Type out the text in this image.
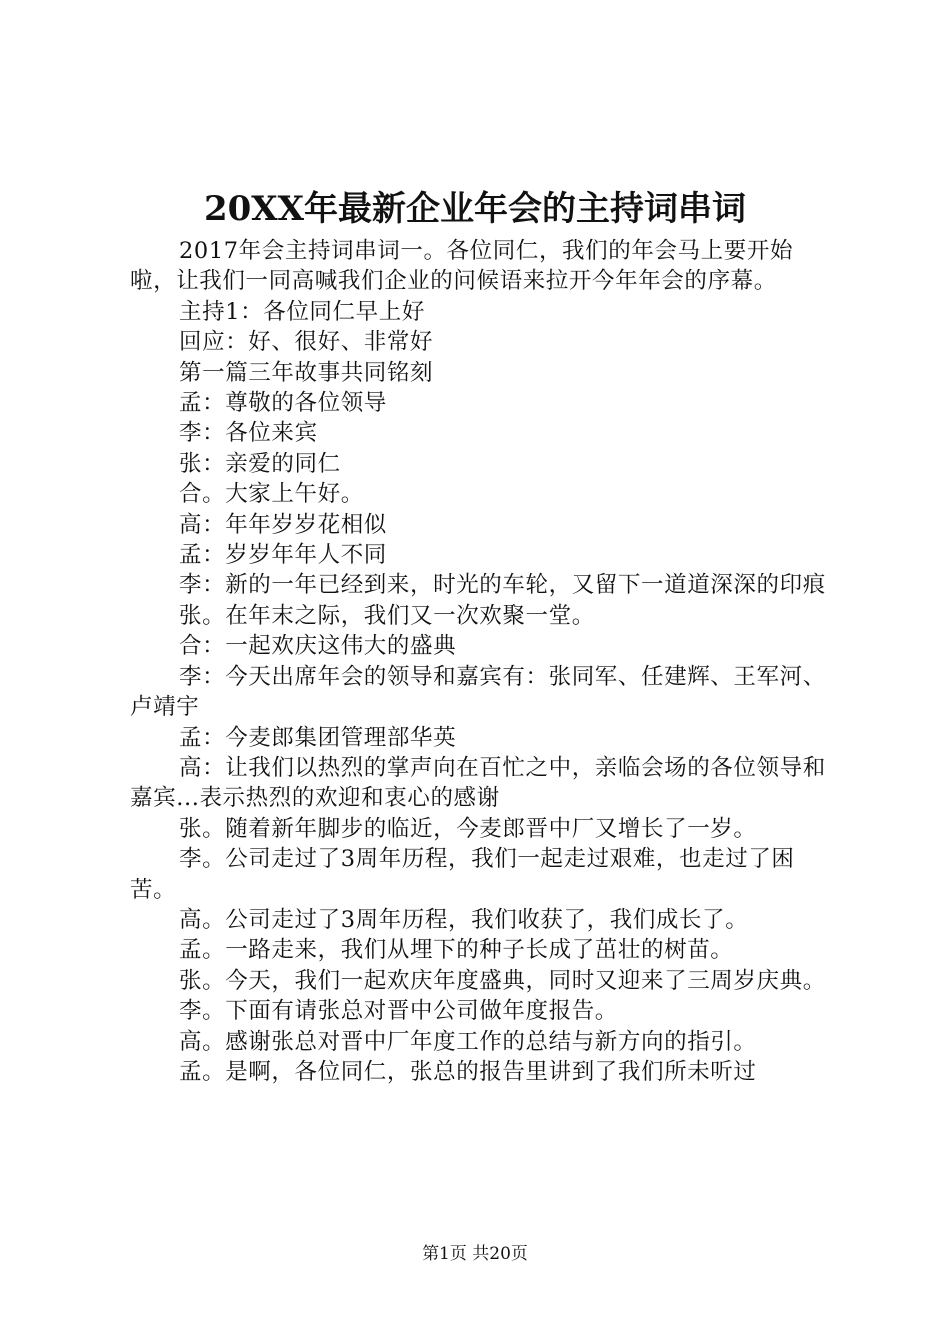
20XX年最新企业年会的主持词串词

2017年会主持词串词一。各位同仁，我们的年会马上要开始啦，让我们一同高喊我们企业的问候语来拉开今年年会的序幕。

主持1：各位同仁早上好

回应：好、很好、非常好

第一篇三年故事共同铭刻

孟：尊敬的各位领导

李：各位来宾

张：亲爱的同仁

合。大家上午好。

高：年年岁岁花相似

孟：岁岁年年人不同

李：新的一年已经到来，时光的车轮，又留下一道道深深的印痕

张。在年末之际，我们又一次欢聚一堂。

合：一起欢庆这伟大的盛典

李：今天出席年会的领导和嘉宾有：张同军、任建辉、王军河、卢靖宇

孟：今麦郎集团管理部华英

高：让我们以热烈的掌声向在百忙之中，亲临会场的各位领导和嘉宾...表示热烈的欢迎和衷心的感谢

张。随着新年脚步的临近，今麦郎晋中厂又增长了一岁。

李。公司走过了3周年历程，我们一起走过艰难，也走过了困苦。

高。公司走过了3周年历程，我们收获了，我们成长了。

孟。一路走来，我们从埋下的种子长成了茁壮的树苗。

张。今天，我们一起欢庆年度盛典，同时又迎来了三周岁庆典。

李。下面有请张总对晋中公司做年度报告。

高。感谢张总对晋中厂年度工作的总结与新方向的指引。

孟。是啊，各位同仁，张总的报告里讲到了我们所未听过

第1页 共20页
